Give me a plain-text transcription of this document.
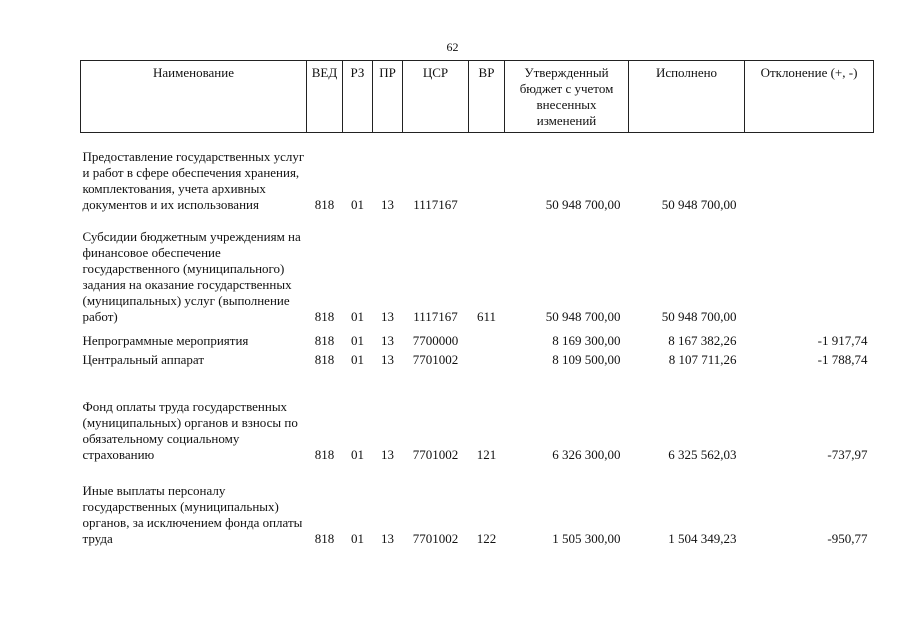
62
Наименование	ВЕД	РЗ	ПР	ЦСР	ВР	Утвержденный бюджет с учетом внесенных изменений	Исполнено	Отклонение (+, -)
Предоставление государственных услуг и работ в сфере обеспечения хранения, комплектования, учета архивных документов и их использования	818	01	13	1117167		50 948 700,00	50 948 700,00	
Субсидии бюджетным учреждениям на финансовое обеспечение государственного (муниципального) задания на оказание государственных (муниципальных) услуг (выполнение работ)	818	01	13	1117167	611	50 948 700,00	50 948 700,00	
Непрограммные мероприятия	818	01	13	7700000		8 169 300,00	8 167 382,26	-1 917,74
Центральный аппарат	818	01	13	7701002		8 109 500,00	8 107 711,26	-1 788,74
Фонд оплаты труда государственных (муниципальных) органов и взносы по обязательному социальному страхованию	818	01	13	7701002	121	6 326 300,00	6 325 562,03	-737,97
Иные выплаты персоналу государственных (муниципальных) органов, за исключением фонда оплаты труда	818	01	13	7701002	122	1 505 300,00	1 504 349,23	-950,77
